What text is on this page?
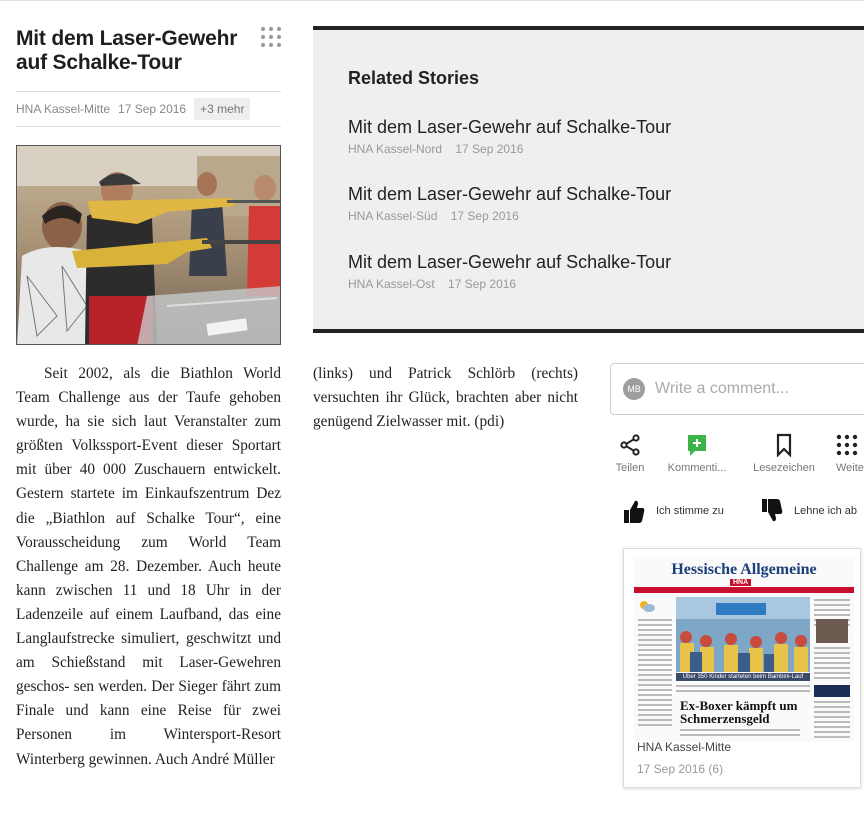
Mit dem Laser-Gewehr auf Schalke-Tour
HNA Kassel-Mitte 17 Sep 2016	+3 mehr

Seit 2002, als die Biathlon World Team Challenge aus der Taufe gehoben wurde, ha sie sich laut Veranstalter zum größten Volkssport-Event dieser Sportart mit über 40 000 Zuschauern entwickelt. Gestern startete im Einkaufszentrum Dez die „Biathlon auf Schalke Tour“, eine Vorausscheidung zum World Team Challenge am 28. Dezember. Auch heute kann zwischen 11 und 18 Uhr in der Ladenzeile auf einem Laufband, das eine Langlaufstrecke simuliert, geschwitzt und am Schießstand mit Laser-Gewehren geschos- sen werden. Der Sieger fährt zum Finale und kann eine Reise für zwei Personen im Wintersport-Resort Winterberg gewinnen. Auch André Müller

(links) und Patrick Schlörb (rechts) versuchten ihr Glück, brachten aber nicht genügend Zielwasser mit. (pdi)

Related Stories
Mit dem Laser-Gewehr auf Schalke-Tour
HNA Kassel-Nord 17 Sep 2016
Mit dem Laser-Gewehr auf Schalke-Tour
HNA Kassel-Süd 17 Sep 2016
Mit dem Laser-Gewehr auf Schalke-Tour
HNA Kassel-Ost 17 Sep 2016
MB
Write a comment...
Teilen	Kommenti... Lesezeichen Weite
Ich stimme zu	Lehne ich ab
Hessische Allgemeine
HNA
Über 350 Kinder starteten beim Bambini-Lauf
Ex-Boxer kämpft um Schmerzensgeld
HNA Kassel-Mitte
17 Sep 2016 (6)
